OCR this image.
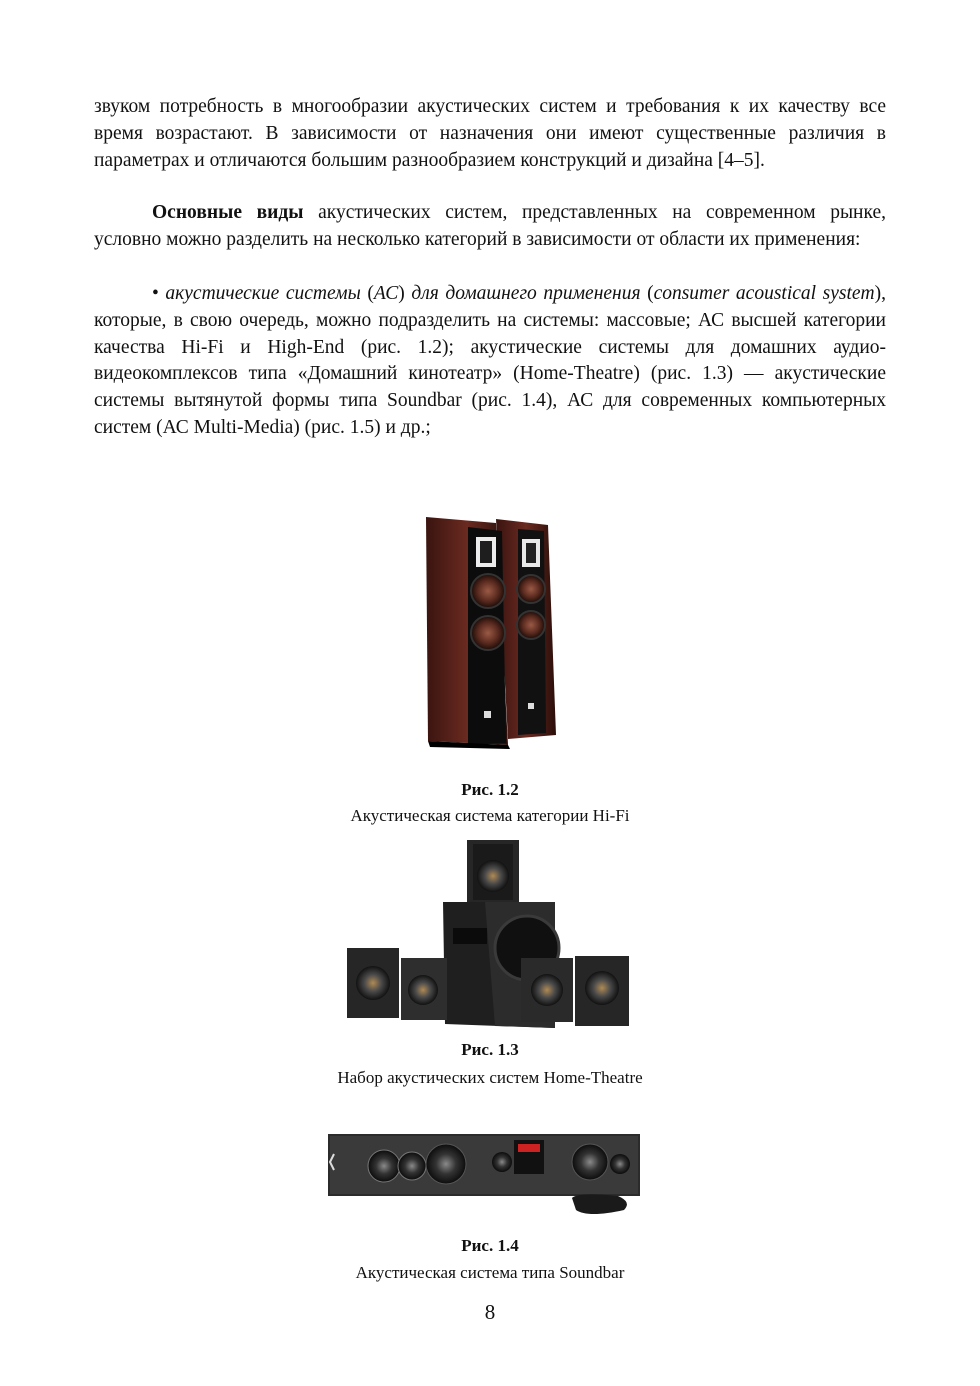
звуком потребность в многообразии акустических систем и требования к их качеству все время возрастают. В зависимости от назначения они имеют существенные различия в параметрах и отличаются большим разнообразием конструкций и дизайна [4–5].

Основные виды акустических систем, представленных на современном рынке, условно можно разделить на несколько категорий в зависимости от области их применения:

• акустические системы (АС) для домашнего применения (consumer acoustical system), которые, в свою очередь, можно подразделить на системы: массовые; АС высшей категории качества Hi-Fi и High-End (рис. 1.2); акустические системы для домашних аудио-видеокомплексов типа «Домашний кинотеатр» (Home-Theatre) (рис. 1.3) — акустические системы вытянутой формы типа Soundbar (рис. 1.4), АС для современных компьютерных систем (АС Multi-Media) (рис. 1.5) и др.;

Рис. 1.2
Акустическая система категории Hi-Fi
Рис. 1.3
Набор акустических систем Home-Theatre
Рис. 1.4
Акустическая система типа Soundbar
8
